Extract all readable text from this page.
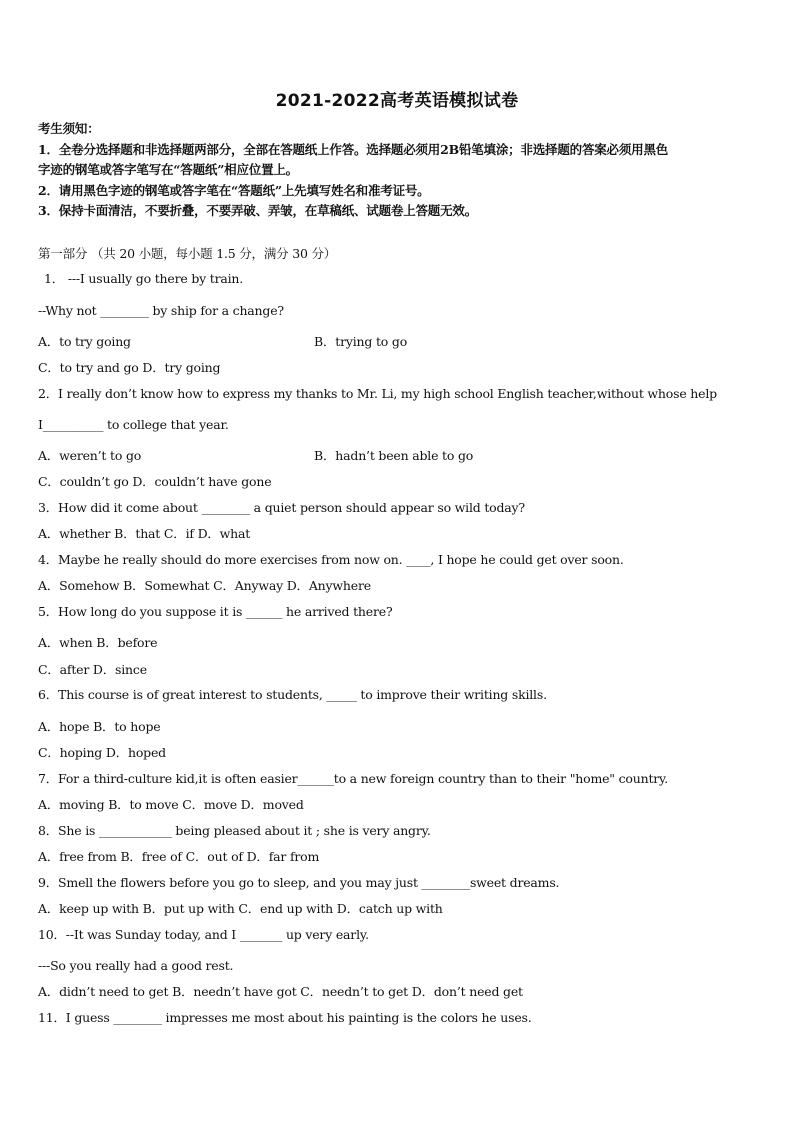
2021-2022高考英语模拟试卷
考生须知：
1．全卷分选择题和非选择题两部分，全部在答题纸上作答。选择题必须用2B铅笔填涂；非选择题的答案必须用黑色
字迹的钢笔或答字笔写在“答题纸”相应位置上。
2．请用黑色字迹的钢笔或答字笔在“答题纸”上先填写姓名和准考证号。
3．保持卡面清洁，不要折叠，不要弄破、弄皱，在草稿纸、试题卷上答题无效。
第一部分 （共 20 小题，每小题 1.5 分，满分 30 分）
1． ---I usually go there by train.
--Why not ________ by ship for a change?
A．to try going	B．trying to go
C．to try and go D．try going
2．I really don’t know how to express my thanks to Mr. Li, my high school English teacher,without whose help
I__________ to college that year.
A．weren’t to go	B．hadn’t been able to go
C．couldn’t go D．couldn’t have gone
3．How did it come about ________ a quiet person should appear so wild today?
A．whether B．that C．if D．what
4．Maybe he really should do more exercises from now on. ____, I hope he could get over soon.
A．Somehow B．Somewhat C．Anyway D．Anywhere
5．How long do you suppose it is ______ he arrived there?
A．when B．before
C．after D．since
6．This course is of great interest to students, _____ to improve their writing skills.
A．hope B．to hope
C．hoping D．hoped
7．For a third-culture kid,it is often easier______to a new foreign country than to their "home" country.
A．moving B．to move C．move D．moved
8．She is ____________ being pleased about it ; she is very angry.
A．free from B．free of C．out of D．far from
9．Smell the flowers before you go to sleep, and you may just ________sweet dreams.
A．keep up with B．put up with C．end up with D．catch up with
10．--It was Sunday today, and I _______ up very early.
---So you really had a good rest.
A．didn’t need to get B．needn’t have got C．needn’t to get D．don’t need get
11．I guess ________ impresses me most about his painting is the colors he uses.
